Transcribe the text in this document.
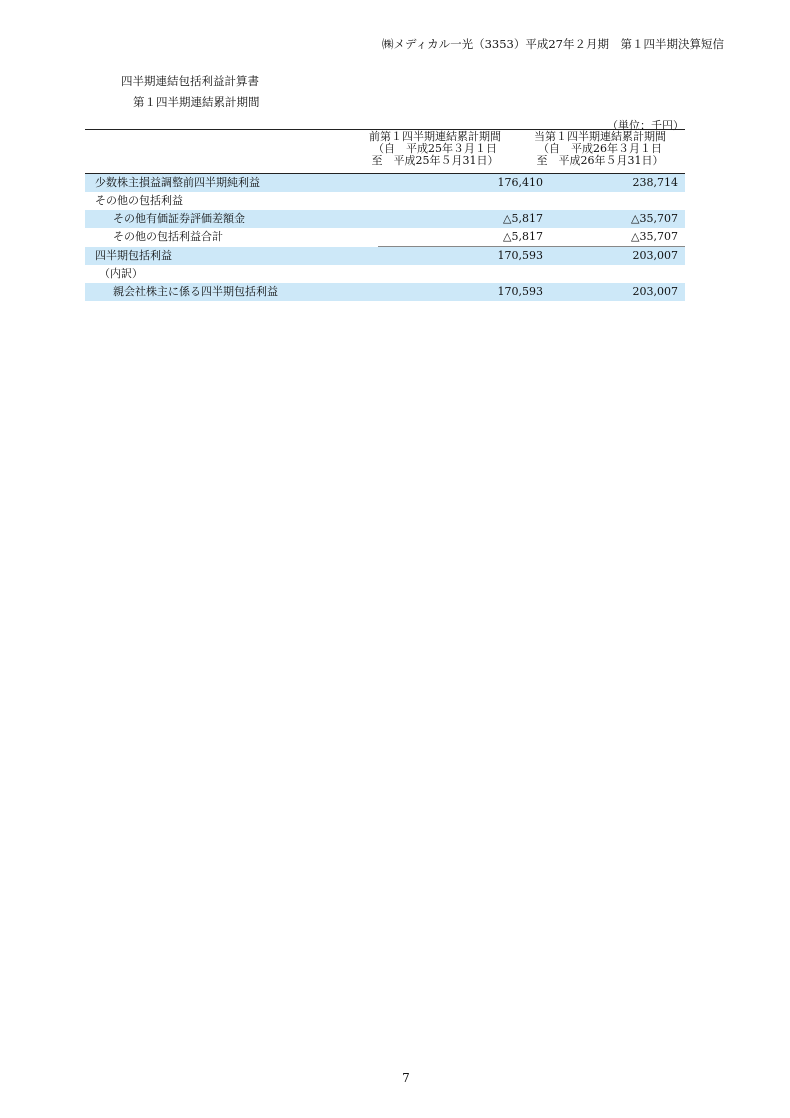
㈱メディカル一光（3353）平成27年２月期　第１四半期決算短信
四半期連結包括利益計算書
第１四半期連結累計期間
（単位：千円）
前第１四半期連結累計期間
（自　平成25年３月１日
至　平成25年５月31日）
当第１四半期連結累計期間
（自　平成26年３月１日
至　平成26年５月31日）
少数株主損益調整前四半期純利益	176,410	238,714
その他の包括利益		
その他有価証券評価差額金	△5,817	△35,707
その他の包括利益合計	△5,817	△35,707
四半期包括利益	170,593	203,007
（内訳）		
親会社株主に係る四半期包括利益	170,593	203,007
7
